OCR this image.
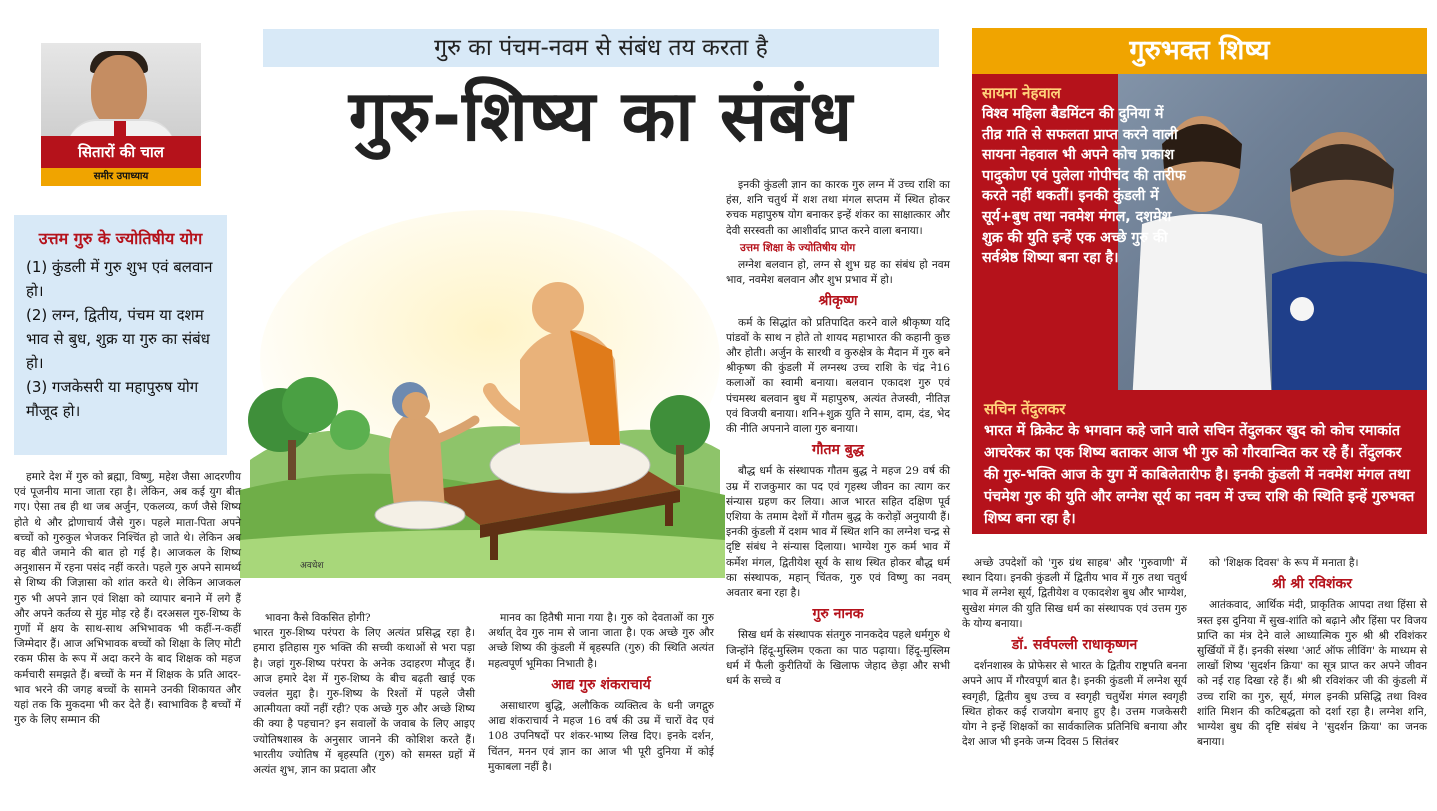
सितारों की चाल
समीर उपाध्याय
उत्तम गुरु के ज्योतिषीय योग
(1) कुंडली में गुरु शुभ एवं बलवान हो।
(2) लग्न, द्वितीय, पंचम या दशम भाव से बुध, शुक्र या गुरु का संबंध हो।
(3) गजकेसरी या महापुरुष योग मौजूद हो।
गुरु का पंचम-नवम से संबंध तय करता है
गुरु-शिष्य का संबंध
अवधेश
गुरुभक्त शिष्य
सायना नेहवाल
विश्व महिला बैडमिंटन की दुनिया में तीव्र गति से सफलता प्राप्त करने वाली सायना नेहवाल भी अपने कोच प्रकाश पादुकोण एवं पुलेला गोपीचंद की तारीफ करते नहीं थकतीं। इनकी कुंडली में सूर्य+बुध तथा नवमेश मंगल, दशमेश शुक्र की युति इन्हें एक अच्छे गुरु की सर्वश्रेष्ठ शिष्या बना रहा है।
सचिन तेंदुलकर
भारत में क्रिकेट के भगवान कहे जाने वाले सचिन तेंदुलकर खुद को कोच रमाकांत आचरेकर का एक शिष्य बताकर आज भी गुरु को गौरवान्वित कर रहे हैं। तेंदुलकर की गुरु-भक्ति आज के युग में काबिलेतारीफ है। इनकी कुंडली में नवमेश मंगल तथा पंचमेश गुरु की युति और लग्नेश सूर्य का नवम में उच्च राशि की स्थिति इन्हें गुरुभक्त शिष्य बना रहा है।

हमारे देश में गुरु को ब्रह्मा, विष्णु, महेश जैसा आदरणीय एवं पूजनीय माना जाता रहा है। लेकिन, अब कई युग बीत गए। ऐसा तब ही था जब अर्जुन, एकलव्य, कर्ण जैसे शिष्य होते थे और द्रोणाचार्य जैसे गुरु। पहले माता-पिता अपने बच्चों को गुरुकुल भेजकर निश्चिंत हो जाते थे। लेकिन अब वह बीते जमाने की बात हो गई है। आजकल के शिष्य अनुशासन में रहना पसंद नहीं करते। पहले गुरु अपने सामर्थ्य से शिष्य की जिज्ञासा को शांत करते थे। लेकिन आजकल गुरु भी अपने ज्ञान एवं शिक्षा को व्यापार बनाने में लगे हैं और अपने कर्तव्य से मुंह मोड़ रहे हैं। दरअसल गुरु-शिष्य के गुणों में क्षय के साथ-साथ अभिभावक भी कहीं-न-कहीं जिम्मेदार हैं। आज अभिभावक बच्चों को शिक्षा के लिए मोटी रकम फीस के रूप में अदा करने के बाद शिक्षक को महज कर्मचारी समझते हैं। बच्चों के मन में शिक्षक के प्रति आदर-भाव भरने की जगह बच्चों के सामने उनकी शिकायत और यहां तक कि मुकदमा भी कर देते हैं। स्वाभाविक है बच्चों में गुरु के लिए सम्मान की

भावना कैसे विकसित होगी?
भारत गुरु-शिष्य परंपरा के लिए अत्यंत प्रसिद्ध रहा है। हमारा इतिहास गुरु भक्ति की सच्ची कथाओं से भरा पड़ा है। जहां गुरु-शिष्य परंपरा के अनेक उदाहरण मौजूद हैं। आज हमारे देश में गुरु-शिष्य के बीच बढ़ती खाई एक ज्वलंत मुद्दा है। गुरु-शिष्य के रिश्तों में पहले जैसी आत्मीयता क्यों नहीं रही? एक अच्छे गुरु और अच्छे शिष्य की क्या है पहचान? इन सवालों के जवाब के लिए आइए ज्योतिषशास्त्र के अनुसार जानने की कोशिश करते हैं। भारतीय ज्योतिष में बृहस्पति (गुरु) को समस्त ग्रहों में अत्यंत शुभ, ज्ञान का प्रदाता और

मानव का हितैषी माना गया है। गुरु को देवताओं का गुरु अर्थात् देव गुरु नाम से जाना जाता है। एक अच्छे गुरु और अच्छे शिष्य की कुंडली में बृहस्पति (गुरु) की स्थिति अत्यंत महत्वपूर्ण भूमिका निभाती है।

आद्य गुरु शंकराचार्य

असाधारण बुद्धि, अलौकिक व्यक्तित्व के धनी जगद्गुरु आद्य शंकराचार्य ने महज 16 वर्ष की उम्र में चारों वेद एवं 108 उपनिषदों पर शंकर-भाष्य लिख दिए। इनके दर्शन, चिंतन, मनन एवं ज्ञान का आज भी पूरी दुनिया में कोई मुकाबला नहीं है।

इनकी कुंडली ज्ञान का कारक गुरु लग्न में उच्च राशि का हंस, शनि चतुर्थ में शश तथा मंगल सप्तम में स्थित होकर रुचक महापुरुष योग बनाकर इन्हें शंकर का साक्षात्कार और देवी सरस्वती का आशीर्वाद प्राप्त करने वाला बनाया।

उत्तम शिक्षा के ज्योतिषीय योग

लग्नेश बलवान हो, लग्न से शुभ ग्रह का संबंध हो नवम भाव, नवमेश बलवान और शुभ प्रभाव में हो।

श्रीकृष्ण

कर्म के सिद्धांत को प्रतिपादित करने वाले श्रीकृष्ण यदि पांडवों के साथ न होते तो शायद महाभारत की कहानी कुछ और होती। अर्जुन के सारथी व कुरुक्षेत्र के मैदान में गुरु बने श्रीकृष्ण की कुंडली में लग्नस्थ उच्च राशि के चंद्र ने16 कलाओं का स्वामी बनाया। बलवान एकादश गुरु एवं पंचमस्थ बलवान बुध में महापुरुष, अत्यंत तेजस्वी, नीतिज्ञ एवं विजयी बनाया। शनि+शुक्र युति ने साम, दाम, दंड, भेद की नीति अपनाने वाला गुरु बनाया।

गौतम बुद्ध

बौद्ध धर्म के संस्थापक गौतम बुद्ध ने महज 29 वर्ष की उम्र में राजकुमार का पद एवं गृहस्थ जीवन का त्याग कर संन्यास ग्रहण कर लिया। आज भारत सहित दक्षिण पूर्व एशिया के तमाम देशों में गौतम बुद्ध के करोड़ों अनुयायी हैं। इनकी कुंडली में दशम भाव में स्थित शनि का लग्नेश चन्द्र से दृष्टि संबंध ने संन्यास दिलाया। भाग्येश गुरु कर्म भाव में कर्मेश मंगल, द्वितीयेश सूर्य के साथ स्थित होकर बौद्ध धर्म का संस्थापक, महान् चिंतक, गुरु एवं विष्णु का नवम् अवतार बना रहा है।

गुरु नानक

सिख धर्म के संस्थापक संतगुरु नानकदेव पहले धर्मगुरु थे जिन्होंने हिंदू-मुस्लिम एकता का पाठ पढ़ाया। हिंदू-मुस्लिम धर्म में फैली कुरीतियों के खिलाफ जेहाद छेड़ा और सभी धर्म के सच्चे व

अच्छे उपदेशों को 'गुरु ग्रंथ साहब' और 'गुरुवाणी' में स्थान दिया। इनकी कुंडली में द्वितीय भाव में गुरु तथा चतुर्थ भाव में लग्नेश सूर्य, द्वितीयेश व एकादशेश बुध और भाग्येश, सुखेश मंगल की युति सिख धर्म का संस्थापक एवं उत्तम गुरु के योग्य बनाया।

डॉ. सर्वपल्ली राधाकृष्णन

दर्शनशास्त्र के प्रोफेसर से भारत के द्वितीय राष्ट्रपति बनना अपने आप में गौरवपूर्ण बात है। इनकी कुंडली में लग्नेश सूर्य स्वगृही, द्वितीय बुध उच्च व स्वगृही चतुर्थेश मंगल स्वगृही स्थित होकर कई राजयोग बनाए हुए है। उत्तम गजकेसरी योग ने इन्हें शिक्षकों का सार्वकालिक प्रतिनिधि बनाया और देश आज भी इनके जन्म दिवस 5 सितंबर

को 'शिक्षक दिवस' के रूप में मनाता है।

श्री श्री रविशंकर

आतंकवाद, आर्थिक मंदी, प्राकृतिक आपदा तथा हिंसा से त्रस्त इस दुनिया में सुख-शांति को बढ़ाने और हिंसा पर विजय प्राप्ति का मंत्र देने वाले आध्यात्मिक गुरु श्री श्री रविशंकर सुर्खियों में हैं। इनकी संस्था 'आर्ट ऑफ लीविंग' के माध्यम से लाखों शिष्य 'सुदर्शन क्रिया' का सूत्र प्राप्त कर अपने जीवन को नई राह दिखा रहे हैं। श्री श्री रविशंकर जी की कुंडली में उच्च राशि का गुरु, सूर्य, मंगल इनकी प्रसिद्धि तथा विश्व शांति मिशन की कटिबद्धता को दर्शा रहा है। लग्नेश शनि, भाग्येश बुध की दृष्टि संबंध ने 'सुदर्शन क्रिया' का जनक बनाया।
